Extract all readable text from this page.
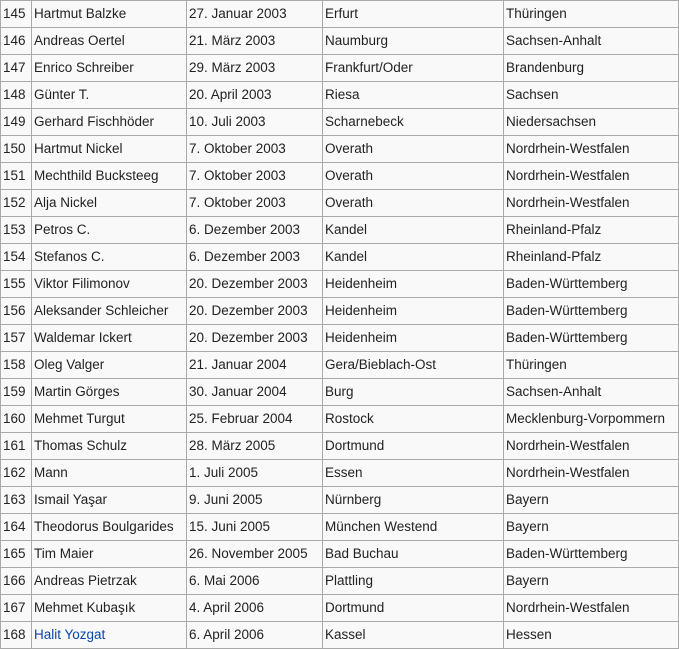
145	Hartmut Balzke	27. Januar 2003	Erfurt	Thüringen
146	Andreas Oertel	21. März 2003	Naumburg	Sachsen-Anhalt
147	Enrico Schreiber	29. März 2003	Frankfurt/Oder	Brandenburg
148	Günter T.	20. April 2003	Riesa	Sachsen
149	Gerhard Fischhöder	10. Juli 2003	Scharnebeck	Niedersachsen
150	Hartmut Nickel	7. Oktober 2003	Overath	Nordrhein-Westfalen
151	Mechthild Bucksteeg	7. Oktober 2003	Overath	Nordrhein-Westfalen
152	Alja Nickel	7. Oktober 2003	Overath	Nordrhein-Westfalen
153	Petros C.	6. Dezember 2003	Kandel	Rheinland-Pfalz
154	Stefanos C.	6. Dezember 2003	Kandel	Rheinland-Pfalz
155	Viktor Filimonov	20. Dezember 2003	Heidenheim	Baden-Württemberg
156	Aleksander Schleicher	20. Dezember 2003	Heidenheim	Baden-Württemberg
157	Waldemar Ickert	20. Dezember 2003	Heidenheim	Baden-Württemberg
158	Oleg Valger	21. Januar 2004	Gera/Bieblach-Ost	Thüringen
159	Martin Görges	30. Januar 2004	Burg	Sachsen-Anhalt
160	Mehmet Turgut	25. Februar 2004	Rostock	Mecklenburg-Vorpommern
161	Thomas Schulz	28. März 2005	Dortmund	Nordrhein-Westfalen
162	Mann	1. Juli 2005	Essen	Nordrhein-Westfalen
163	Ismail Yaşar	9. Juni 2005	Nürnberg	Bayern
164	Theodorus Boulgarides	15. Juni 2005	München Westend	Bayern
165	Tim Maier	26. November 2005	Bad Buchau	Baden-Württemberg
166	Andreas Pietrzak	6. Mai 2006	Plattling	Bayern
167	Mehmet Kubaşık	4. April 2006	Dortmund	Nordrhein-Westfalen
168	Halit Yozgat	6. April 2006	Kassel	Hessen
